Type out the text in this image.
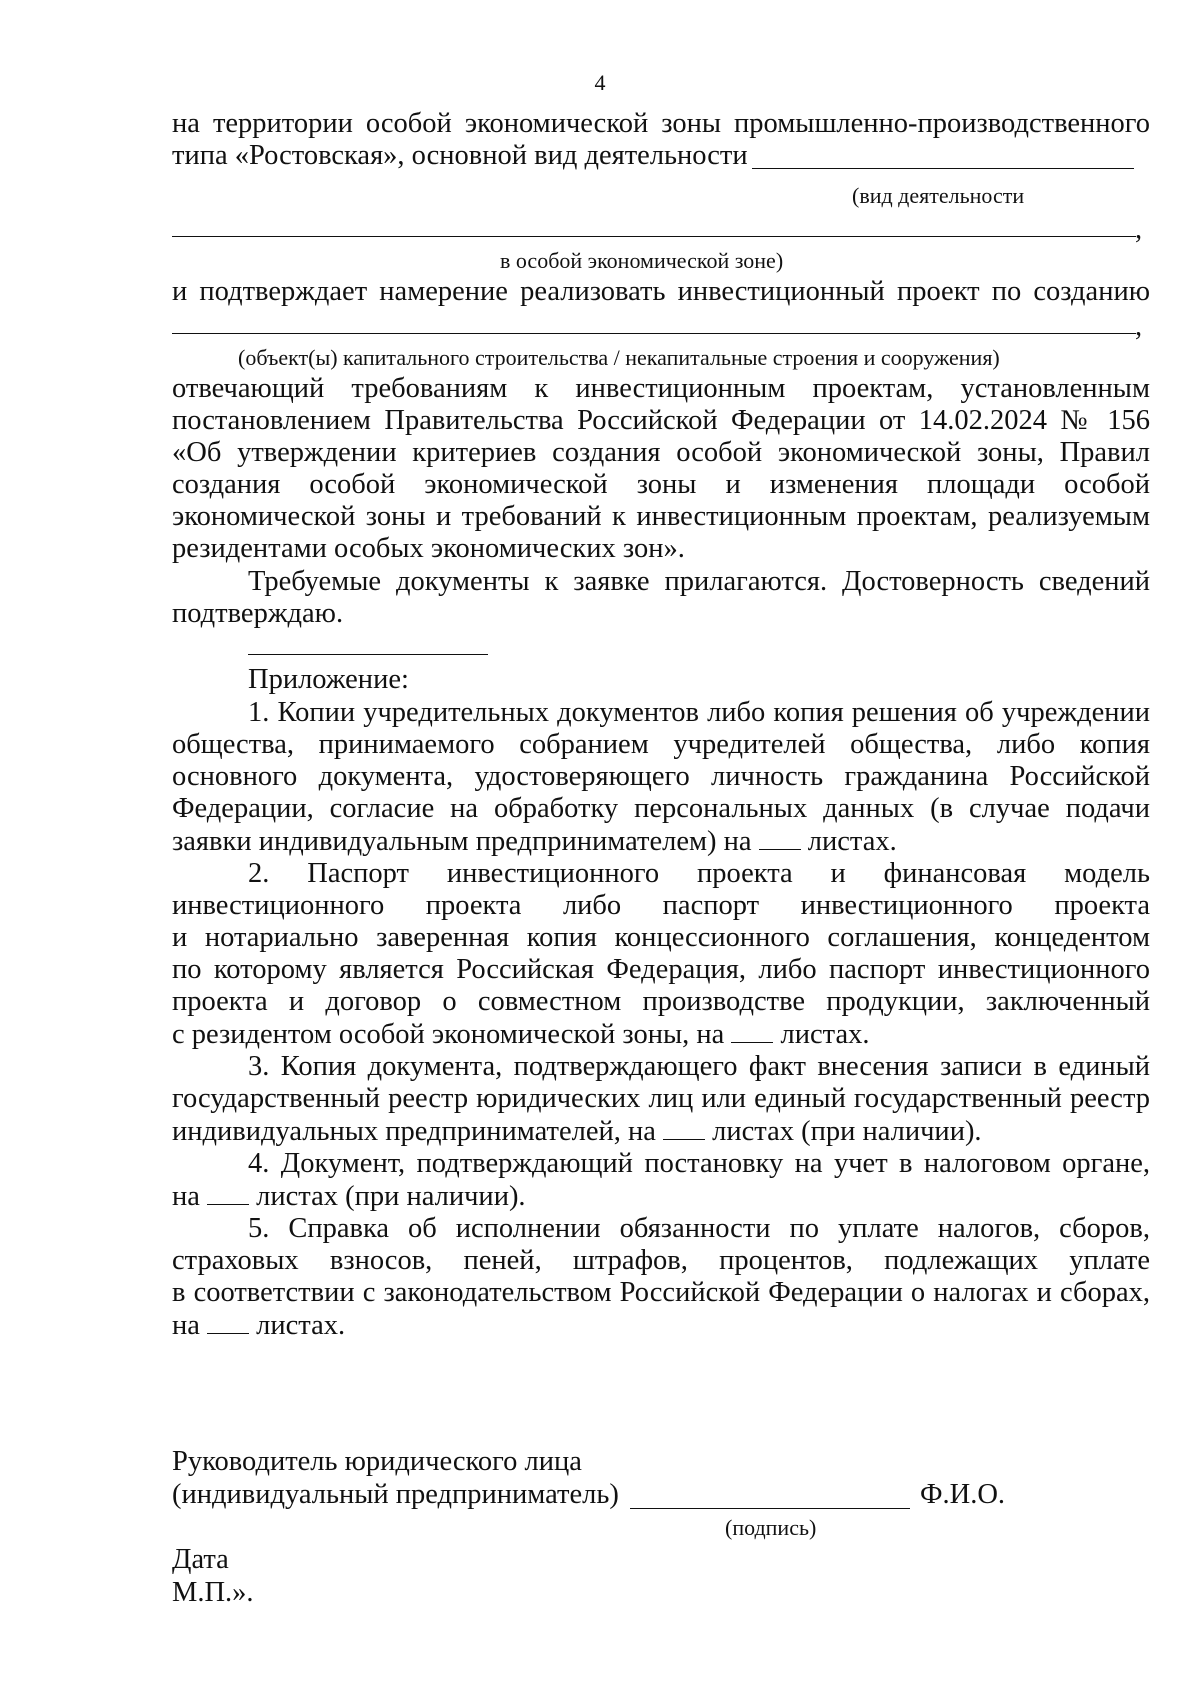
4
на территории особой экономической зоны промышленно-производственного
типа «Ростовская», основной вид деятельности
(вид деятельности
,
в особой экономической зоне)
и подтверждает намерение реализовать инвестиционный проект по созданию
,
(объект(ы) капитального строительства / некапитальные строения и сооружения)
отвечающий требованиям к инвестиционным проектам, установленным
постановлением Правительства Российской Федерации от 14.02.2024 № 156
«Об утверждении критериев создания особой экономической зоны, Правил
создания особой экономической зоны и изменения площади особой
экономической зоны и требований к инвестиционным проектам, реализуемым
резидентами особых экономических зон».
Требуемые документы к заявке прилагаются. Достоверность сведений
подтверждаю.
Приложение:
1. Копии учредительных документов либо копия решения об учреждении
общества, принимаемого собранием учредителей общества, либо копия
основного документа, удостоверяющего личность гражданина Российской
Федерации, согласие на обработку персональных данных (в случае подачи
заявки индивидуальным предпринимателем) на листах.
2. Паспорт инвестиционного проекта и финансовая модель
инвестиционного проекта либо паспорт инвестиционного проекта
и нотариально заверенная копия концессионного соглашения, концедентом
по которому является Российская Федерация, либо паспорт инвестиционного
проекта и договор о совместном производстве продукции, заключенный
с резидентом особой экономической зоны, на листах.
3. Копия документа, подтверждающего факт внесения записи в единый
государственный реестр юридических лиц или единый государственный реестр
индивидуальных предпринимателей, на листах (при наличии).
4. Документ, подтверждающий постановку на учет в налоговом органе,
на листах (при наличии).
5. Справка об исполнении обязанности по уплате налогов, сборов,
страховых взносов, пеней, штрафов, процентов, подлежащих уплате
в соответствии с законодательством Российской Федерации о налогах и сборах,
на листах.
Руководитель юридического лица
(индивидуальный предприниматель)	Ф.И.О.
(подпись)
Дата
М.П.».
